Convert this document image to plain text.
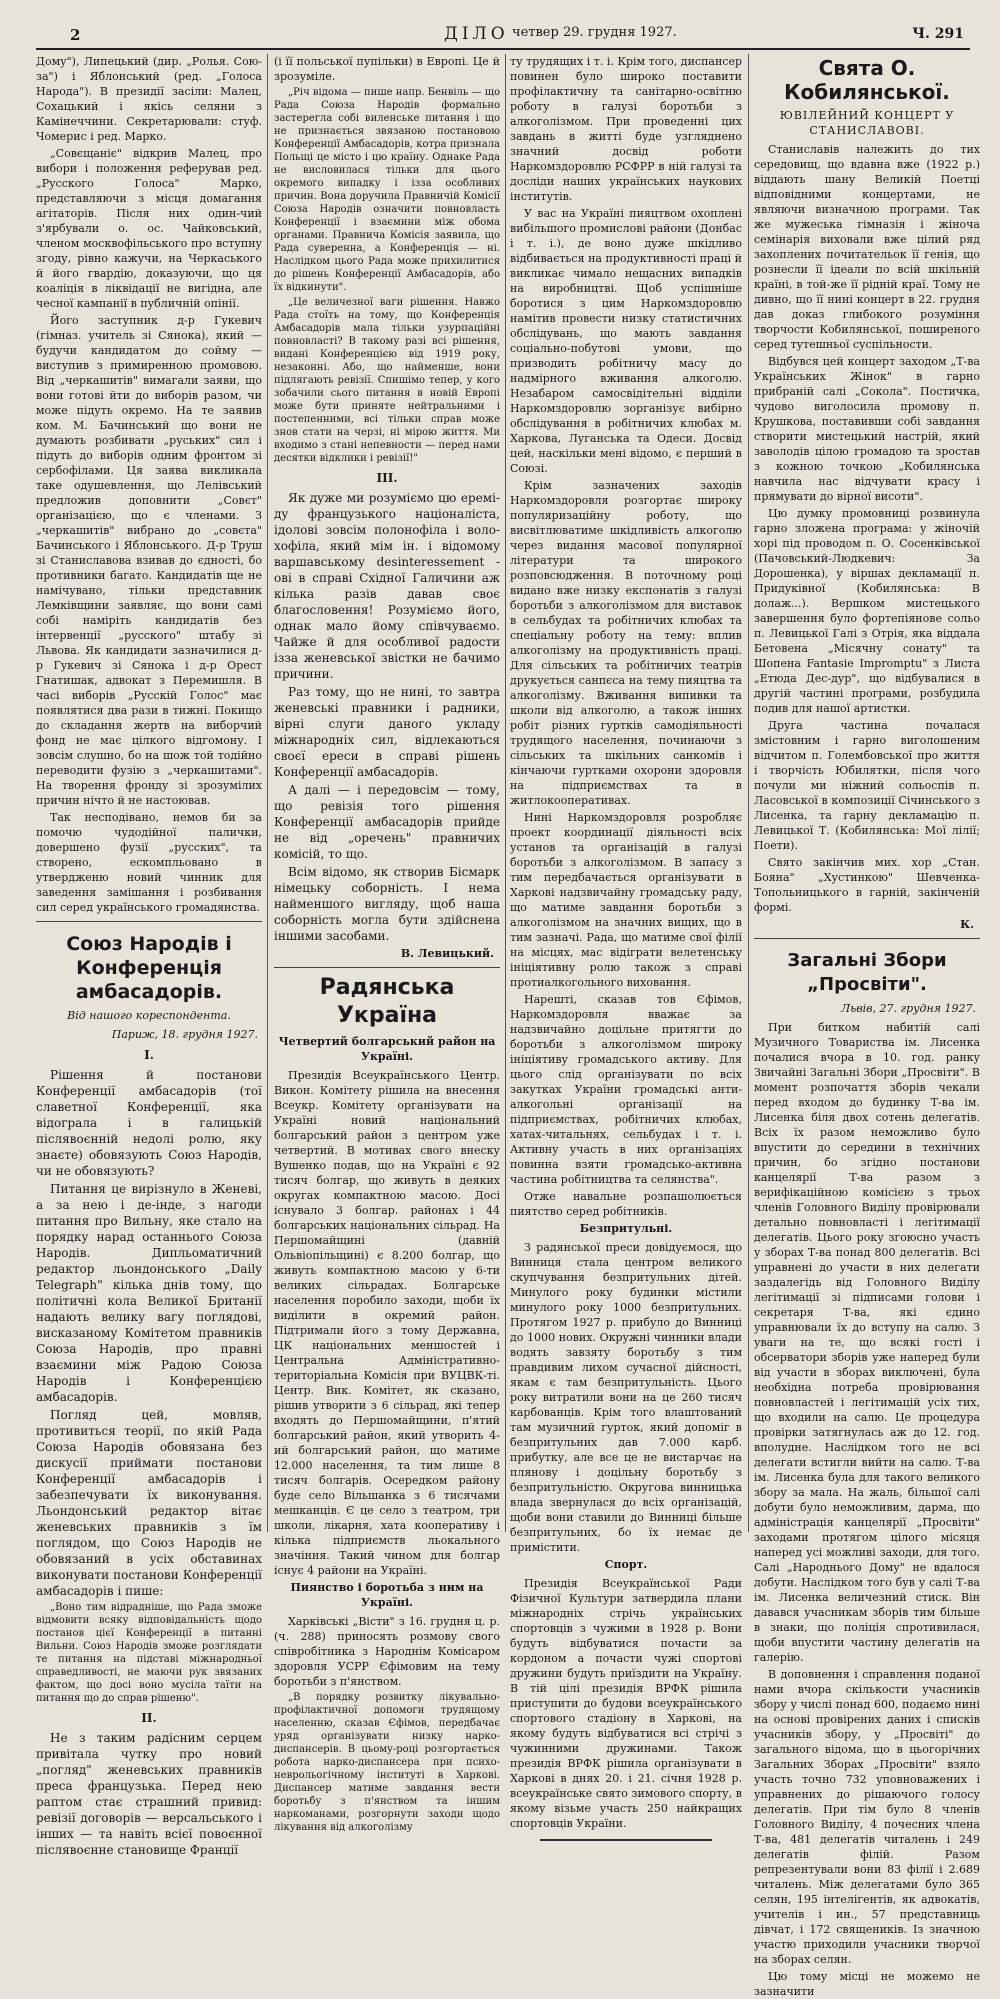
2	ДІЛО четвер 29. грудня 1927.	Ч. 291

Дому"), Липецький (дир. „Ролья. Сою-за") і Яблонський (ред. „Голоса Народа"). В президії засіли: Малец, Сохацький і якісь селяни з Камінеччини. Секретарювали: стуф. Чомерис і ред. Марко.

„Совєщаніє" відкрив Малец, про вибори і положення реферував ред. „Русского Голоса" Марко, представляючи з місця домагання агітаторів. Після них один-чий з'ярбували о. ос. Чайковський, членом москвофільського про вступну згоду, рівно кажучи, на Черкаського й його гвардію, доказуючи, що ця коаліція в ліквідації не вигідна, але чесної кампанії в публичній опінії.

Його заступник д-р Гукевич (гімназ. учитель зі Сянока), який — будучи кандидатом до сойму — виступив з примиренною промовою. Від „черкашитів" вимагали заяви, що вони готові йти до виборів разом, чи може підуть окремо. На те заявив ком. М. Бачинський що вони не думають розбивати „руських" сил і підуть до виборів одним фронтом зі сербофілами. Ця заява викликала таке одушевлення, що Лелівський предложив доповнити „Совєт" організацією, що є членами. З „черкашитів" вибрано до „совєта" Бачинського і Яблонського. Д-р Труш зі Станиславова взивав до єдності, бо противники багато. Кандидатів ще не намічувано, тільки представник Лемківщини заявляє, що вони самі собі наміріть кандидатів без інтервенції „русского" штабу зі Львова. Як кандидати зазначилися д-р Гукевич зі Сянока і д-р Орест Гнатишак, адвокат з Перемишля. В часі виборів „Русскій Голос" має появлятися два рази в тижні. Покищо до складання жертв на виборчий фонд не має цілкого відгомону. І зовсім слушно, бо на шож той тодійно переводити фузію з „черкашитами". На творення фронду зі зрозумілих причин нічто й не настоював.

Так несподівано, немов би за помочю чудодійної палички, довершено фузії „русских", та створено, ескомпльовано в утвердженю новий чинник для заведення замішання і розбивання сил серед українського громадянства.

Союз Народів і Конференція амбасадорів.
Від нашого кореспондента.
Париж, 18. грудня 1927.
I.

Рішення й постанови Конференції амбасадорів (тої славетної Конференції, яка відограла і в галицькій післявоєнній недолі ролю, яку знаєте) обовязують Союз Народів, чи не обовязують?

Питання це вирізнуло в Женеві, а за нею і де-інде, з нагоди питання про Вильну, яке стало на порядку нарад останнього Союза Народів. Дипльоматичний редактор льондонського „Daily Telegraph" кілька днів тому, що політичні кола Великої Британії надають велику вагу поглядові, висказаному Комітетом правників Союза Народів, про правні взаємини між Радою Союза Народів і Конференцією амбасадорів.

Погляд цей, мовляв, противиться теорії, по якій Рада Союза Народів обовязана без дискусії приймати постанови Конференції амбасадорів і забезпечувати їх виконування. Льондонський редактор вітає женевських правників з їм поглядом, що Союз Народів не обовязаний в усіх обставинах виконувати постанови Конференції амбасадорів і пише:

„Воно тим відрадніше, що Рада зможе відмовити всяку відповідальність щодо постанов цієї Конференції в питанні Вильни. Союз Народів зможе розглядати те питання на підставі міжнародньої справедливості, не маючи рук звязаних фактом, що досі воно мусіла таїти на питання що до справ рішеню".

II.

Не з таким радісним серцем привітала чутку про новий „погляд" женевських правників преса французька. Перед нею раптом стає страшний привид: ревізії договорів — версальського і інших — та навіть всієї повоєнної післявоєнне становище Франції

(і її польської пупільки) в Европі. Це й зрозуміле.

„Річ відома — пише напр. Бенвіль — що Рада Союза Народів формально застерегла собі виленське питання і що не признається звязаною постановою Конференції Амбасадорів, котра признала Польщі це місто і цю країну. Однаке Рада не висловилася тільки для цього окремого випадку і ізза особливих причин. Вона доручила Правничій Комісії Союза Народів означити повновласть Конференції і взаємини між обома органами. Правнича Комісія заявила, що Рада суверенна, а Конференція — ні. Наслідком цього Рада може прихилитися до рішень Конференції Амбасадорів, або їх відкинути".

„Це величезної ваги рішення. Навжо Рада стоїть на тому, що Конференція Амбасадорів мала тільки узурпаційні повновласті? В такому разі всі рішення, видані Конференцією від 1919 року, незаконні. Або, що найменше, вони підлягають ревізії. Спишімо тепер, у кого зобачили сього питання в новій Европі може бути приняте нейтральними і постепенними, всі тільки справ може знов стати на черзі, ні мірою життя. Ми входимо з стані непевности — перед нами десятки відклики і ревізії!"

III.

Як дуже ми розуміємо цю еремі-ду французького націоналіста, ідолові зовсім полонофіла і воло-хофіла, який мім ін. і відомому варшавському desinteressement - ові в справі Східної Галичини аж кілька разів давав своє благословення! Розуміємо його, однак мало йому співчуваємо. Чайже й для особливої радости ізза женевської звістки не бачимо причини.

Раз тому, що не нині, то завтра женевські правники і радники, вірні слуги даного укладу міжнародніх сил, відлекаються своєї ереси в справі рішень Конференції амбасадорів.

А далі — і передовсім — тому, що ревізія того рішення Конференції амбасадорів прийде не від „оречень" правничих комісій, то що.

Всім відомо, як створив Бісмарк німецьку соборність. І нема найменшого вигляду, щоб наша соборність могла бути здійснена іншими засобами.

В. Левицький.
Радянська Україна
Четвертий болгарський район на Україні.

Президія Всеукраїнського Центр. Викон. Комітету рішила на внесення Всеукр. Комітету організувати на Україні новий національний болгарський район з центром уже четвертий. В мотивах свого внеску Вушенко подав, що на Україні є 92 тисяч болгар, що живуть в деяких округах компактною масою. Досі існувало 3 болгар. районах і 44 болгарських національних сільрад. На Першомайщині (давній Ольвіопільщині) є 8.200 болгар, що живуть компактною масою у 6-ти великих сільрадах. Болгарське населення поробило заходи, щоби їх виділити в окремий район. Підтримали його з тому Державна, ЦК національних меншостей і Центральна Адміністративно-територіальна Комісія при ВУЦВК-ті. Центр. Вик. Комітет, як сказано, рішив утворити з 6 сільрад, які тепер входять до Першомайщини, п'ятий болгарський район, який утворить 4-ий болгарський район, що матиме 12.000 населення, та тим лише 8 тисяч болгарів. Осередком району буде село Вільшанка з 6 тисячами мешканців. Є це село з театром, три школи, лікарня, хата кооперативу і кілька підприємств льокального значіння. Такий чином для болгар існує 4 райони на Україні.

Пиянство і боротьба з ним на Україні.

Харківські „Вісти" з 16. грудня ц. р. (ч. 288) приносять розмову свого співробітника з Народнім Комісаром здоровля УСРР Єфімовим на тему боротьби з п'янством.

„В порядку розвитку лікувально-профілактичної допомоги трудящому населенню, сказав Єфімов, передбачає уряд організувати низку нарко-диспансерів. В цьому-році розгортається робота нарко-диспансера при психо-неврольогічному інституті в Харкові. Диспансер матиме завдання вести боротьбу з п'янством та іншим наркоманами, розгорнути заходи щодо лікування від алкоголізму

ту трудящих і т. і. Крім того, диспансер повинен було широко поставити профілактичну та санітарно-освітню роботу в галузі боротьби з алкоголізмом. При проведенні цих завдань в житті буде узгляднено значний досвід роботи Наркомздоровлю РСФРР в ній галузі та досліди наших українських наукових інститутів.

У вас на Україні пияцтвом охоплені вибільшого промисловi райони (Донбас і т. і.), де воно дуже шкідливо відбивається на продуктивності праці й викликає чимало нещасних випадків на виробництві. Щоб успішніше боротися з цим Наркомздоровлю намітив провести низку статистичних обслідувань, що мають завдання соціально-побутові умови, що призводить робітничу масу до надмірного вживання алкоголю. Незабаром самосвідітельні відділи Наркомздоровлю зорганізує вибірно обслідування в робітничих клюбах м. Харкова, Луганська та Одеси. Досвід цей, наскільки мені відомо, є перший в Союзі.

Крім зазначених заходів Наркомздоровля розгортає широку популяризаційну роботу, що висвітлюватиме шкідливість алкоголю через видання масової популярної літератури та широкого розповсюдження. В поточному році видано вже низку експонатів з галузі боротьби з алкоголізмом для виставок в сельбудах та робітничих клюбах та спеціальну роботу на тему: вплив алкоголізму на продуктивність праці. Для сільських та робітничих театрів друкується санпєса на тему пияцтва та алкоголізму. Вживання випивки та школи від алкоголю, а також інших робіт різних гуртків самодіяльності трудящого населення, починаючи з сільських та шкільних санкомів і кінчаючи гуртками охорони здоровля на підприємствах та в житлокооперативах.

Нині Наркомздоровля розробляє проект координації діяльності всіх установ та організацій в галузі боротьби з алкоголізмом. В запасу з тим передбачається організувати в Харкові надзвичайну громадську раду, що матиме завдання боротьби з алкоголізмом на значних вищих, що в тим зазначі. Рада, що матиме свої філії на місцях, мас відіграти велетенську ініціятивну ролю також з справі протиалкогольного виховання.

Нарешті, сказав тов Єфімов, Наркомздоровля вважає за надзвичайно доцільне притягти до боротьби з алкоголізмом широку ініціятиву громадського активу. Для цього слід організувати по всіх закутках України громадські анти-алкогольні організації на підприємствах, робітничих клюбах, хатах-читальнях, сельбудах і т. і. Активну участь в них органiзаціях повинна взяти громадсько-активна частина робітництва та селянства".

Отже навальне розпашолюється пиятство серед робітників.

Безпритульні.

З радянської преси довідуємося, що Винниця стала центром великого скупчування безпритульних дітей. Минулого року будинки містили минулого року 1000 безпритульних. Протягом 1927 р. прибуло до Винниці до 1000 нових. Окружні чинники влади водять завзяту боротьбу з тим правдивим лихом сучасної дійсності, якам є там безпритульність. Цього року витратили вони на це 260 тисяч карбованців. Крім того влаштований там музичний гурток, який допоміг в безпритульних дав 7.000 карб. прибутку, але все це не вистарчає на плянову і доцільну боротьбу з безпритульністю. Округова винницька влада звернулася до всіх організацій, щоби вони ставили до Винниці більше безпритульних, бо їх немає де примістити.

Спорт.

Президія Всеукраїнської Ради Фізичної Культури затвердила плани міжнародніх стрічь українських спортовців з чужими в 1928 р. Вони будуть відбуватися почасти за кордоном а почасти чужі спортові дружини будуть приїздити на Україну. В тій цілі президія ВРФК рішила приступити до будови всеукраїнського спортового стадіону в Харкові, на якому будуть відбуватися всі стрічі з чужинними дружинами. Також президія ВРФК рішила організувати в Харкові в днях 20. і 21. січня 1928 р. всеукраїнське свято зимового спорту, в якому візьме участь 250 найкращих спортовців України.

Свята О. Кобилянської.
ЮВІЛЕЙНИЙ КОНЦЕРТ У СТАНИСЛАВОВІ.

Станиславів належить до тих середовищ, що вдавна вже (1922 р.) віддають шану Великій Поетці відповідними концертами, не являючи визначною програми. Так же мужеська гімназія і жіноча семінарія виховали вже цілий ряд захоплених почитательок її генія, що рознесли її ідеали по всій шкільній країні, в той-же її рідній краї. Тому не дивно, що її нині концерт в 22. грудня дав доказ глибокого розуміння творчости Кобилянської, поширеного серед тутешньої суспільности.

Відбувся цей концерт заходом „Т-ва Українських Жінок" в гарно прибраній салі „Сокола". Постичка, чудово виголосила промову п. Крушкова, поставивши собі завдання створити мистецький настрій, який заволодів цілою громадою та зростав з кожною точкою „Кобилянська навчила нас відчувати красу і прямувати до вірної висоти".

Цю думку промовниці розвинула гарно зложена програма: у жіночій хорі під проводом п. О. Сосенківської (Пачовський-Людкевич: За Дорошенка), у віршах декламації п. Придуківної (Кобилянська: В долаж...). Вершком мистецького завершення було фортепіянове сольо п. Левицької Галі з Отрія, яка віддала Бетовена „Місячну сонату" та Шопена Fantasie Impromptu" з Листа „Етюда Дес-дур", що відбувалися в другій частині програми, розбудила подив для нашої артистки.

Друга частина почалася змістовним і гарно виголошеним відчитом п. Голембовської про життя і творчість Юбилятки, після чого почули ми ніжний сольоспів п. Ласовської в композиції Січинського з Лисенка, та гарну декламацію п. Левицької Т. (Кобилянська: Мої лілії; Поети).

Свято закінчив мих. хор „Стан. Бояна" „Хустинкою" Шевченка-Топольницького в гарній, закінченій формі.

К.
Загальні Збори „Просвіти".
Львів, 27. грудня 1927.

При битком набитій салі Музичного Товариства ім. Лисенка почалися вчора в 10. год. ранку Звичайні Загальні Збори „Просвіти". В момент розпочаття зборів чекали перед входом до будинку Т-ва ім. Лисенка біля двох сотень делегатів. Всіх їх разом неможливо було впустити до середини в технічних причин, бо згідно постанови канцелярії Т-ва разом з верифікаційною комісією з трьох членів Головного Виділу провірювали детально повновласті і легітимації делегатів. Цього року згоюсно участь у зборах Т-ва понад 800 делегатів. Всі управнені до участи в них делегати заздалегідь від Головного Виділу легітимації зі підписами голови і секретаря Т-ва, які єдино управнювали їх до вступу на салю. З уваги на те, що всякі гості і обсерватори зборів уже наперед були від участи в зборах виключені, була необхідна потреба провірювання повновластей і легітимацій усіх тих, що входили на салю. Це процедура провірки затягнулась аж до 12. год. вполудне. Наслідком того не всі делегати встигли вийти на салю. Т-ва ім. Лисенка була для такого великого збору за мала. На жаль, більшої салі добути було неможливим, дарма, що адміністрація канцелярії „Просвіти" заходами протягом цілого місяця наперед усі можливі заходи, для того. Салі „Народнього Дому" не вдалося добути. Наслідком того був у салі Т-ва ім. Лисенка величезний стиск. Він давався учасникам зборів тим більше в знаки, що поліція спротивилася, щоби впустити частину делегатів на галерію.

В доповнення і справлення поданої нами вчора скількости учасників збору у числі понад 600, подаємо нині на основі провірених даних і списків учасників збору, у „Просвіті" до загального відома, що в цьогорічних Загальних Зборах „Просвіти" взяло участь точно 732 уповноважених і управнених до рішаючого голосу делегатів. При тім було 8 членів Головного Виділу, 4 почесних члена Т-ва, 481 делегатів читалень і 249 делегатів філій. Разом репрезентували вони 83 філії і 2.689 читалень. Між делегатами було 365 селян, 195 інтелігентів, як адвокатів, учителів і ин., 57 представниць дівчат, і 172 священиків. Із значною участю приходили учасники творчої на зборах селян.

Цю тому місці не можемо не зазначити
